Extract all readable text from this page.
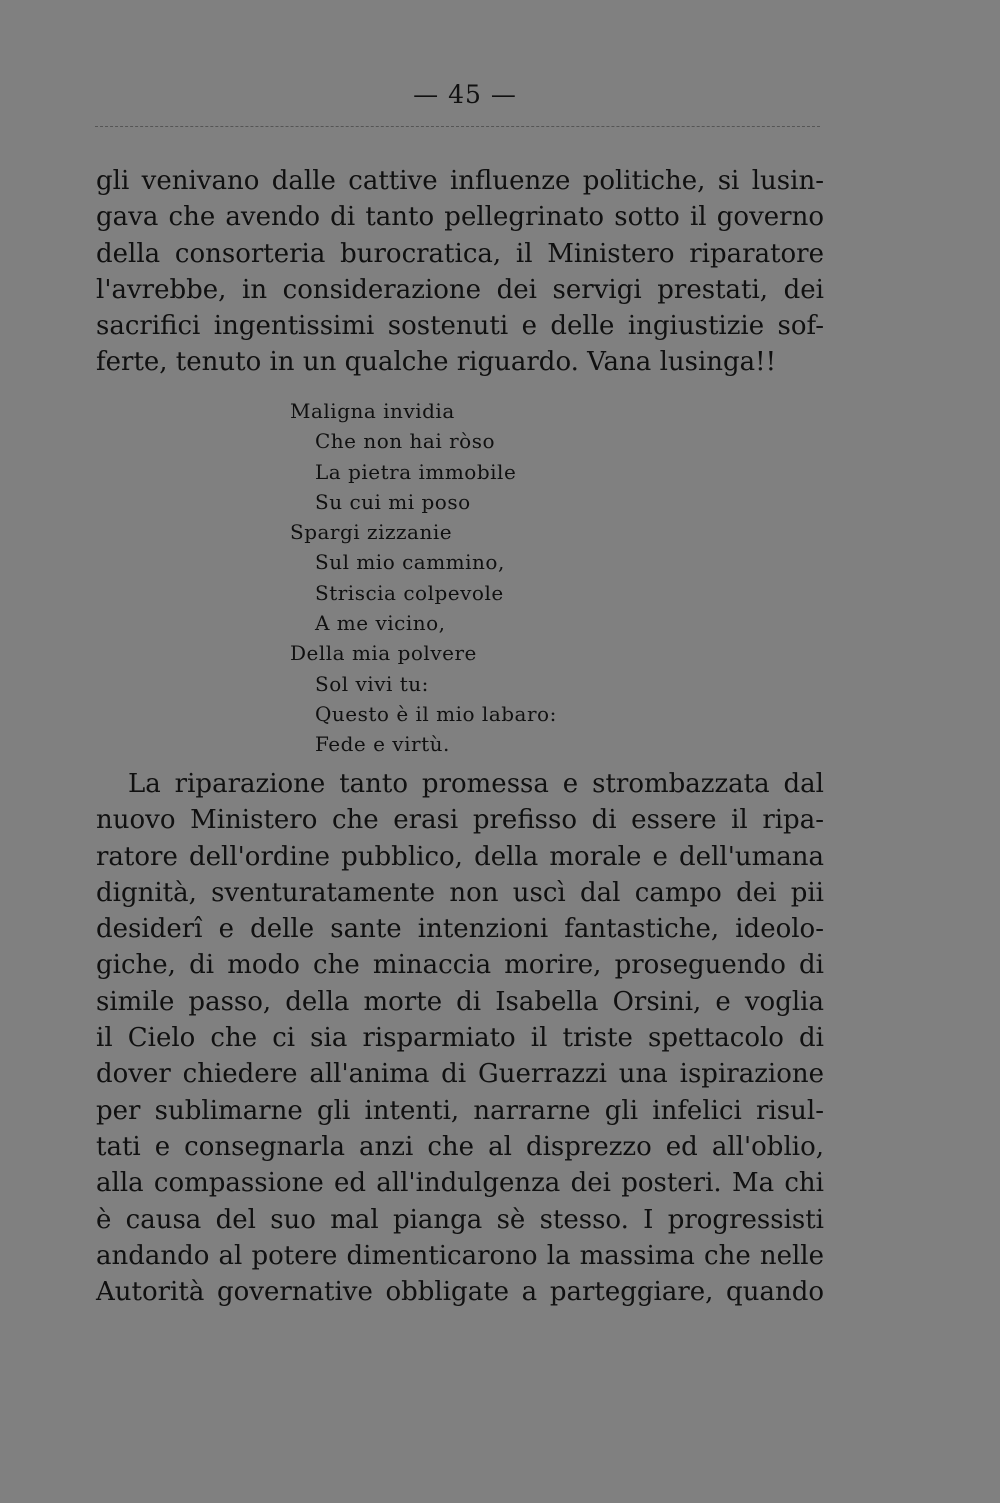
— 45 —
gli venivano dalle cattive influenze politiche, si lusin-
gava che avendo di tanto pellegrinato sotto il governo
della consorteria burocratica, il Ministero riparatore
l'avrebbe, in considerazione dei servigi prestati, dei
sacrifici ingentissimi sostenuti e delle ingiustizie sof-
ferte, tenuto in un qualche riguardo. Vana lusinga!!
Maligna invidia
Che non hai ròso
La pietra immobile
Su cui mi poso
Spargi zizzanie
Sul mio cammino,
Striscia colpevole
A me vicino,
Della mia polvere
Sol vivi tu:
Questo è il mio labaro:
Fede e virtù.
La riparazione tanto promessa e strombazzata dal
nuovo Ministero che erasi prefisso di essere il ripa-
ratore dell'ordine pubblico, della morale e dell'umana
dignità, sventuratamente non uscì dal campo dei pii
desiderî e delle sante intenzioni fantastiche, ideolo-
giche, di modo che minaccia morire, proseguendo di
simile passo, della morte di Isabella Orsini, e voglia
il Cielo che ci sia risparmiato il triste spettacolo di
dover chiedere all'anima di Guerrazzi una ispirazione
per sublimarne gli intenti, narrarne gli infelici risul-
tati e consegnarla anzi che al disprezzo ed all'oblio,
alla compassione ed all'indulgenza dei posteri. Ma chi
è causa del suo mal pianga sè stesso. I progressisti
andando al potere dimenticarono la massima che nelle
Autorità governative obbligate a parteggiare, quando
